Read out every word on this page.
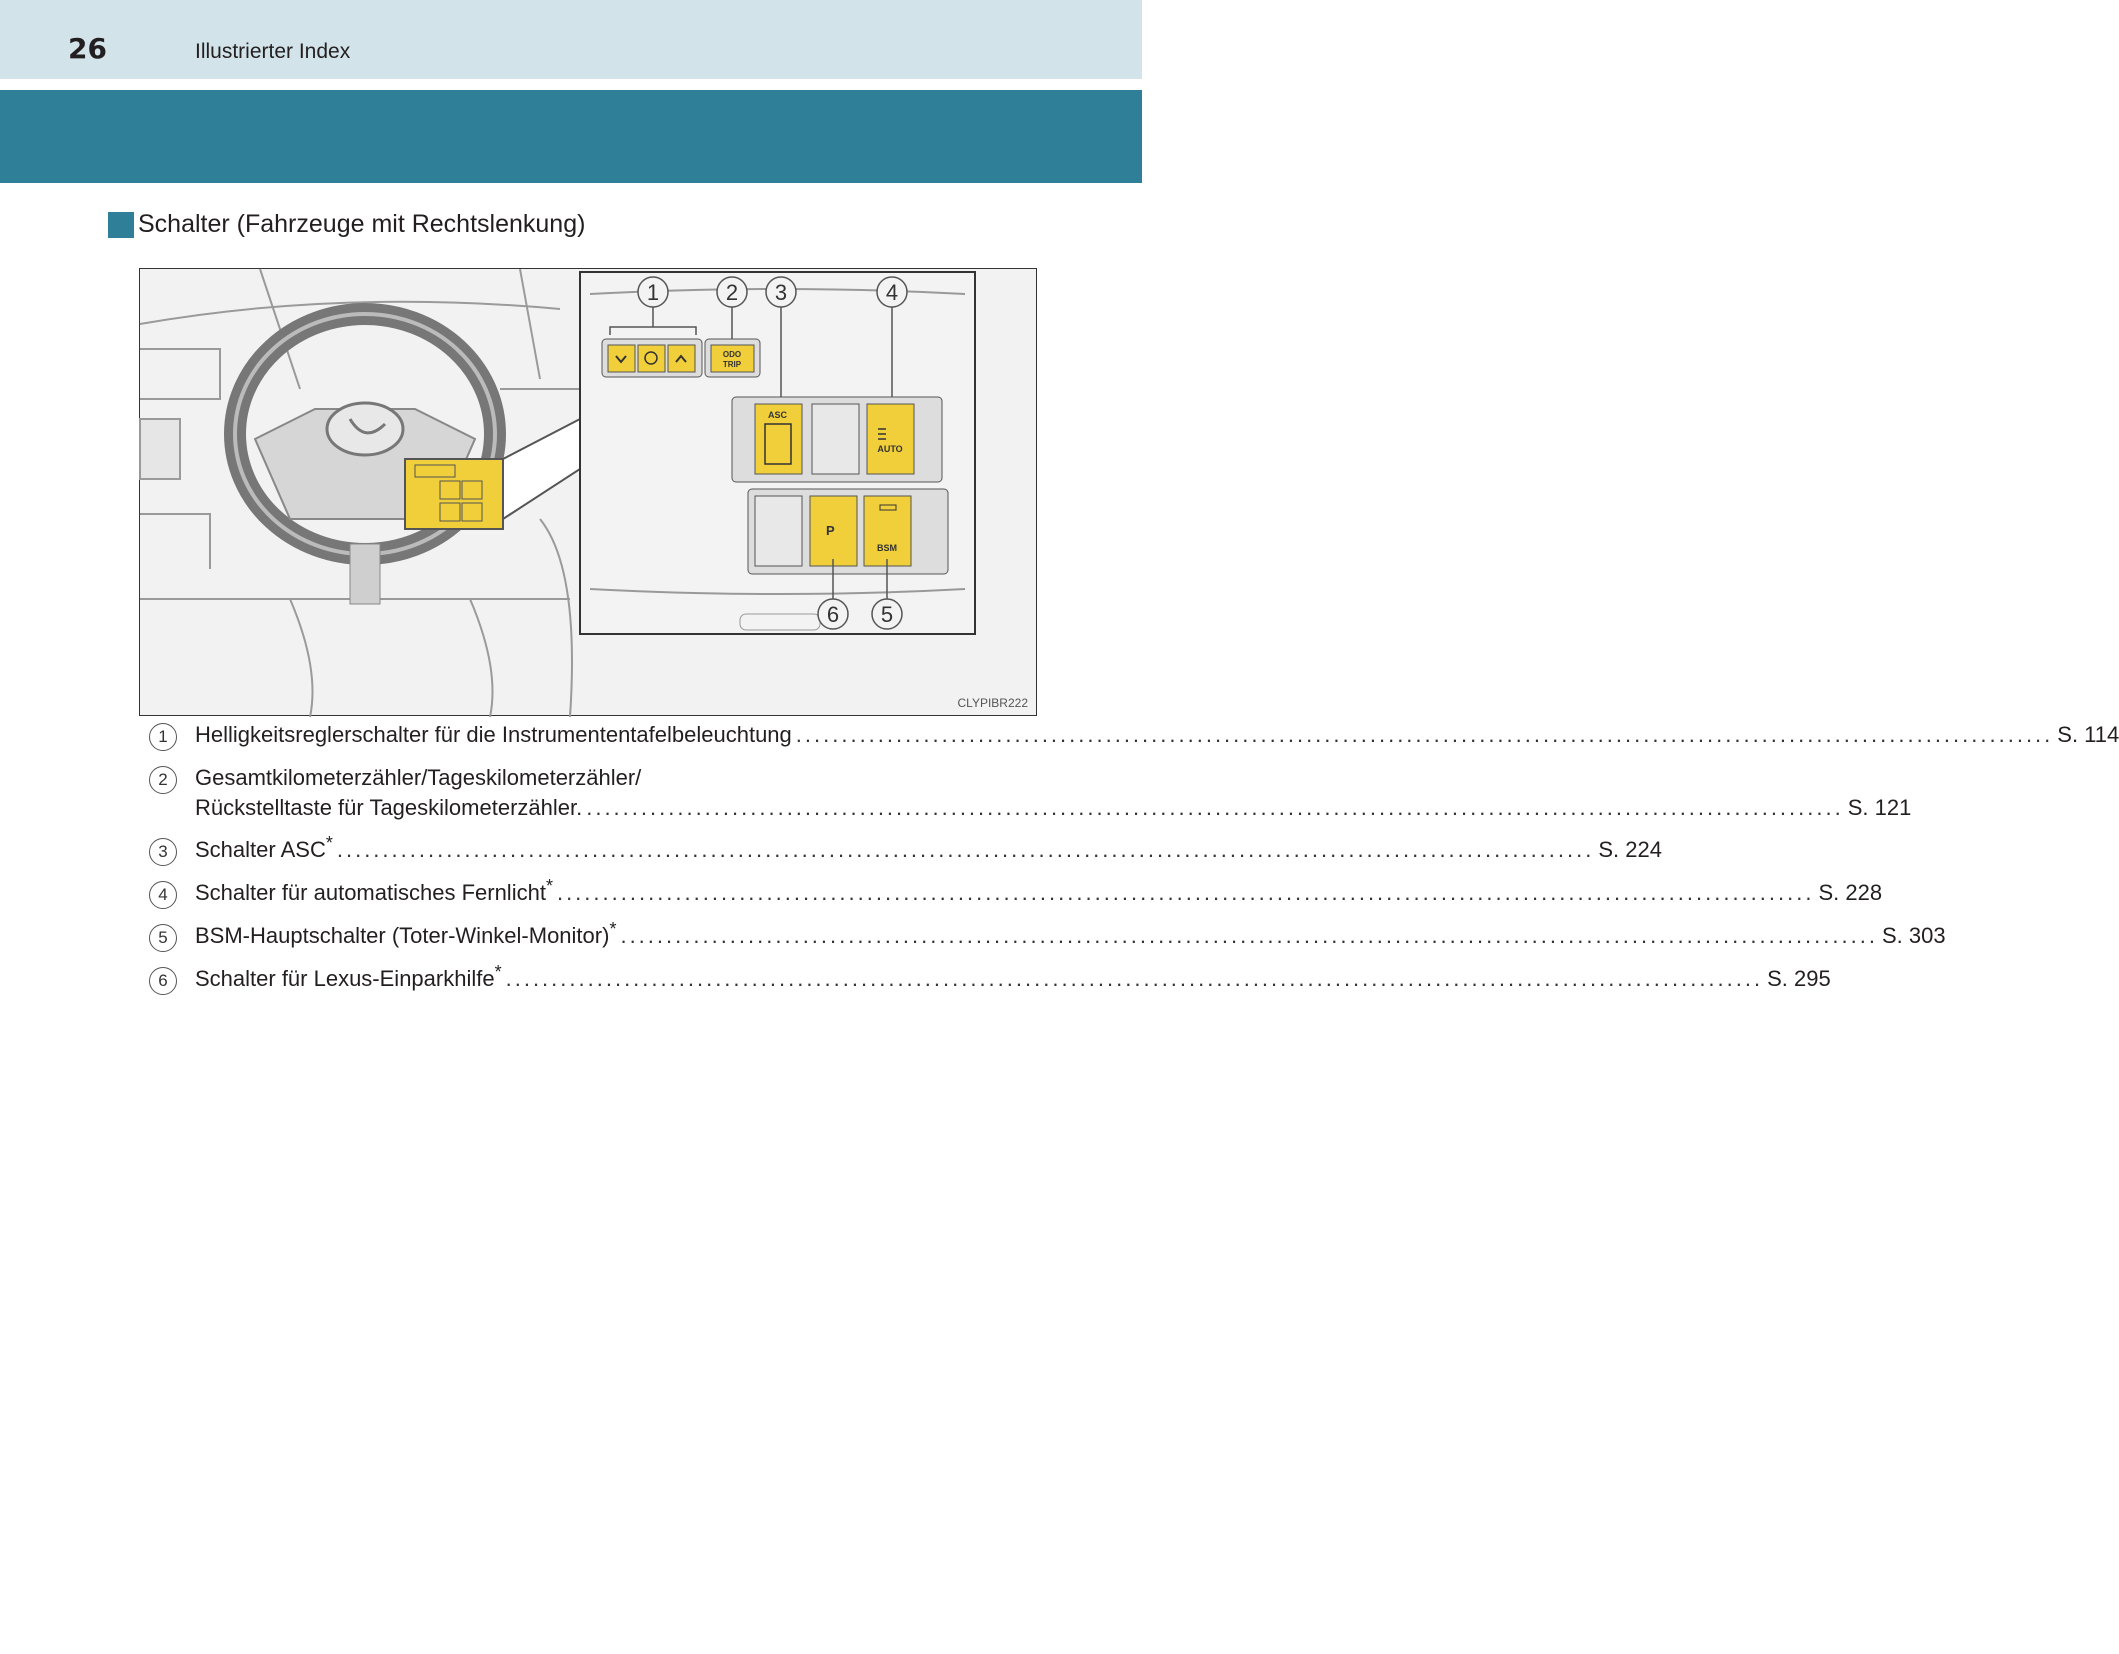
26	Illustrierter Index
Schalter (Fahrzeuge mit Rechtslenkung)
ODO
TRIP
ASC
AUTO
P
BSM
1	2 3	4
5
6
CLYPIBR222
1	Helligkeitsreglerschalter für die Instrumententafelbeleuchtung .....	S. 114
2	Gesamtkilometerzähler/Tageskilometerzähler/
Rückstelltaste für Tageskilometerzähler. .....	S. 121
3	Schalter ASC* .....	S. 224
4	Schalter für automatisches Fernlicht* .....	S. 228
5	BSM-Hauptschalter (Toter-Winkel-Monitor)* .....	S. 303
6	Schalter für Lexus-Einparkhilfe* .....	S. 295
